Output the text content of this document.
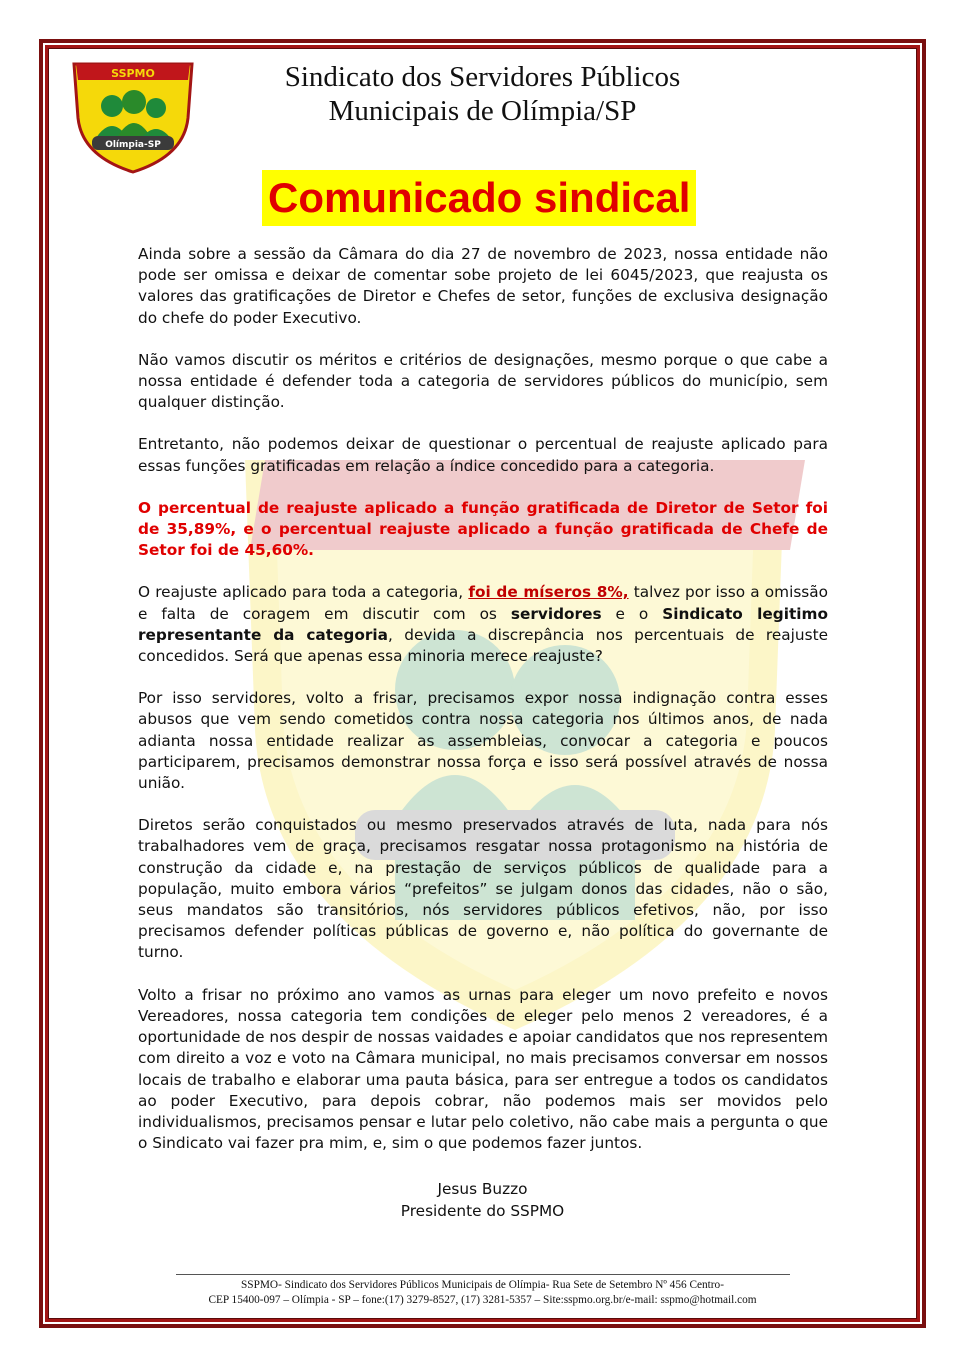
SSPMO
Olímpia-SP
Sindicato dos Servidores Públicos
Municipais de Olímpia/SP
Comunicado sindical

Ainda sobre a sessão da Câmara do dia 27 de novembro de 2023, nossa entidade não pode ser omissa e deixar de comentar sobe projeto de lei 6045/2023, que reajusta os valores das gratificações de Diretor e Chefes de setor, funções de exclusiva designação do chefe do poder Executivo.

Não vamos discutir os méritos e critérios de designações, mesmo porque o que cabe a nossa entidade é defender toda a categoria de servidores públicos do município, sem qualquer distinção.

Entretanto, não podemos deixar de questionar o percentual de reajuste aplicado para essas funções gratificadas em relação a índice concedido para a categoria.

O percentual de reajuste aplicado a função gratificada de Diretor de Setor foi de 35,89%, e o percentual reajuste aplicado a função gratificada de Chefe de Setor foi de 45,60%.

O reajuste aplicado para toda a categoria, foi de míseros 8%, talvez por isso a omissão e falta de coragem em discutir com os servidores e o Sindicato legitimo representante da categoria, devida a discrepância nos percentuais de reajuste concedidos. Será que apenas essa minoria merece reajuste?

Por isso servidores, volto a frisar, precisamos expor nossa indignação contra esses abusos que vem sendo cometidos contra nossa categoria nos últimos anos, de nada adianta nossa entidade realizar as assembleias, convocar a categoria e poucos participarem, precisamos demonstrar nossa força e isso será possível através de nossa união.

Diretos serão conquistados ou mesmo preservados através de luta, nada para nós trabalhadores vem de graça, precisamos resgatar nossa protagonismo na história de construção da cidade e, na prestação de serviços públicos de qualidade para a população, muito embora vários “prefeitos” se julgam donos das cidades, não o são, seus mandatos são transitórios, nós servidores públicos efetivos, não, por isso precisamos defender políticas públicas de governo e, não política do governante de turno.

Volto a frisar no próximo ano vamos as urnas para eleger um novo prefeito e novos Vereadores, nossa categoria tem condições de eleger pelo menos 2 vereadores, é a oportunidade de nos despir de nossas vaidades e apoiar candidatos que nos representem com direito a voz e voto na Câmara municipal, no mais precisamos conversar em nossos locais de trabalho e elaborar uma pauta básica, para ser entregue a todos os candidatos ao poder Executivo, para depois cobrar, não podemos mais ser movidos pelo individualismos, precisamos pensar e lutar pelo coletivo, não cabe mais a pergunta o que o Sindicato vai fazer pra mim, e, sim o que podemos fazer juntos.

Jesus Buzzo
Presidente do SSPMO
SSPMO- Sindicato dos Servidores Públicos Municipais de Olímpia- Rua Sete de Setembro Nº 456 Centro-
CEP 15400-097 – Olímpia - SP – fone:(17) 3279-8527, (17) 3281-5357 – Site:sspmo.org.br/e-mail: sspmo@hotmail.com
